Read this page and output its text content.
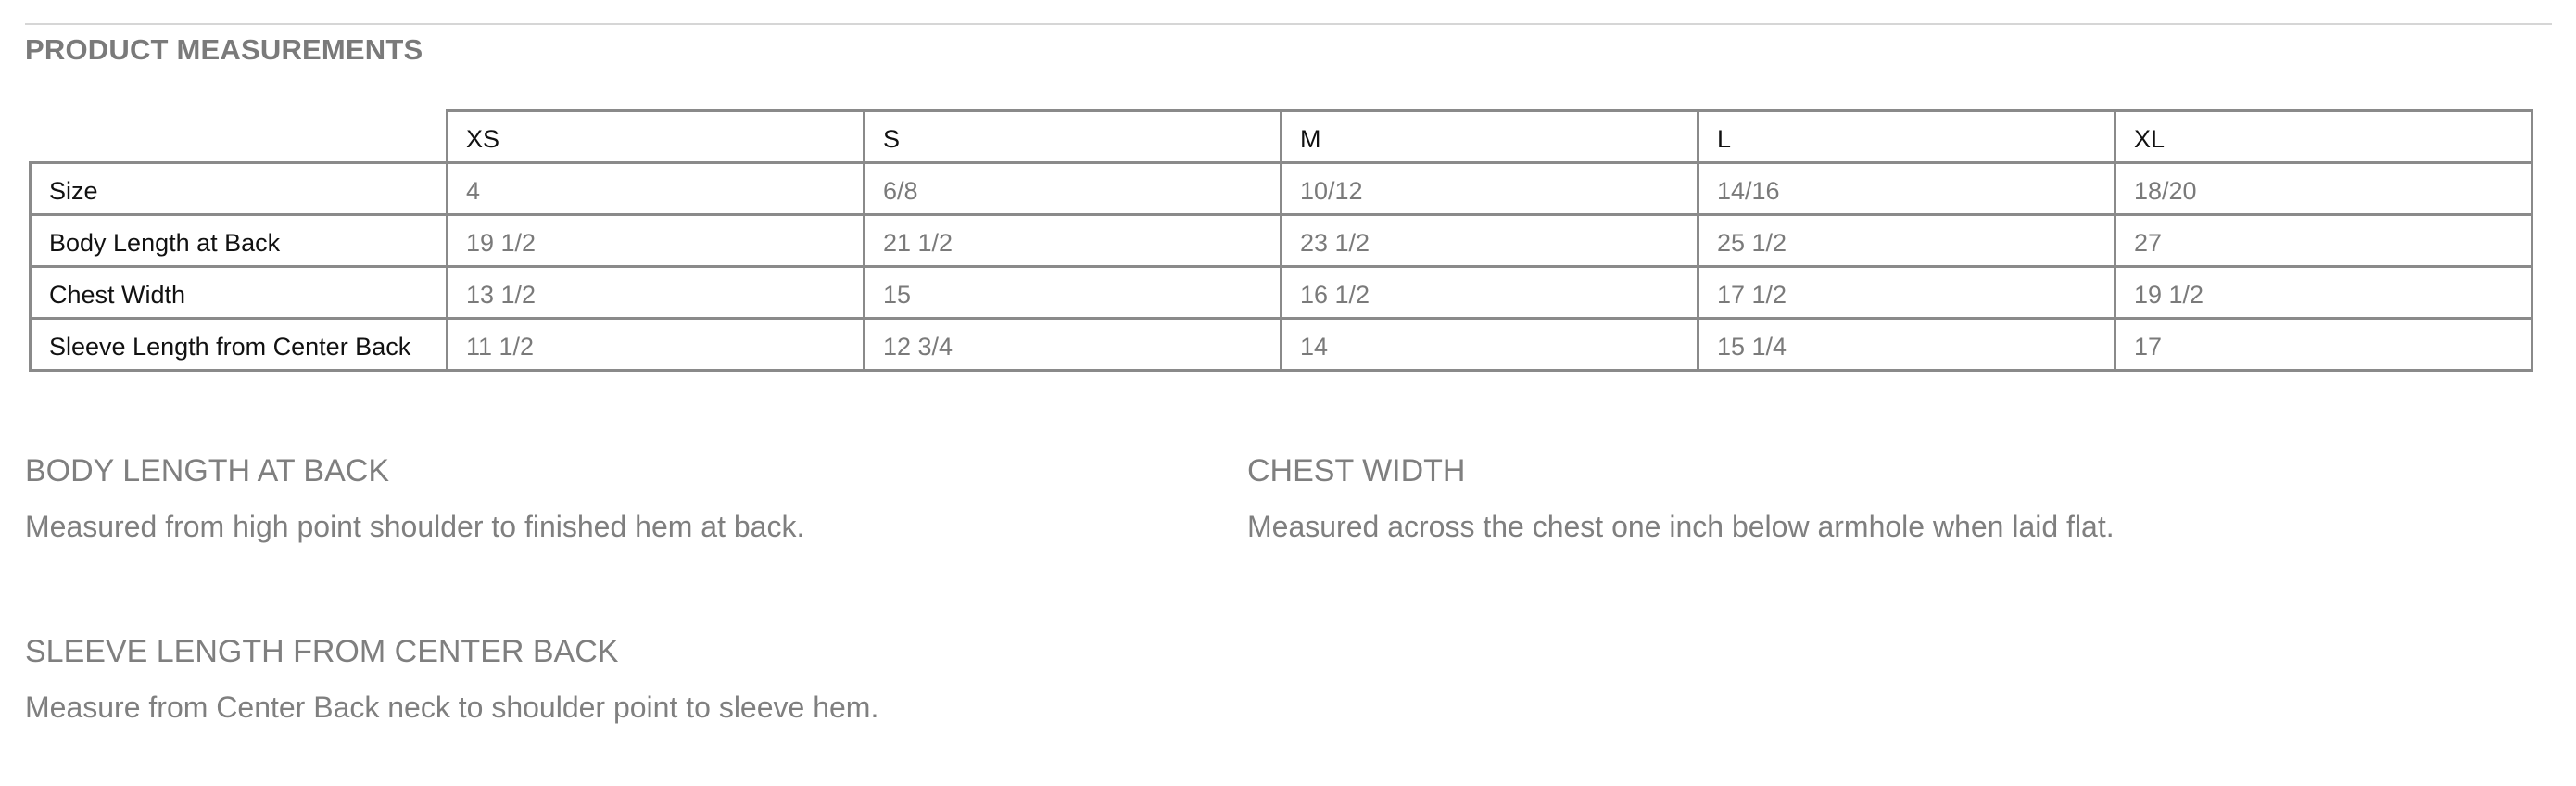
PRODUCT MEASUREMENTS
	XS	S	M	L	XL
Size	4	6/8	10/12	14/16	18/20
Body Length at Back	19 1/2	21 1/2	23 1/2	25 1/2	27
Chest Width	13 1/2	15	16 1/2	17 1/2	19 1/2
Sleeve Length from Center Back	11 1/2	12 3/4	14	15 1/4	17
BODY LENGTH AT BACK
Measured from high point shoulder to finished hem at back.
CHEST WIDTH
Measured across the chest one inch below armhole when laid flat.
SLEEVE LENGTH FROM CENTER BACK
Measure from Center Back neck to shoulder point to sleeve hem.
